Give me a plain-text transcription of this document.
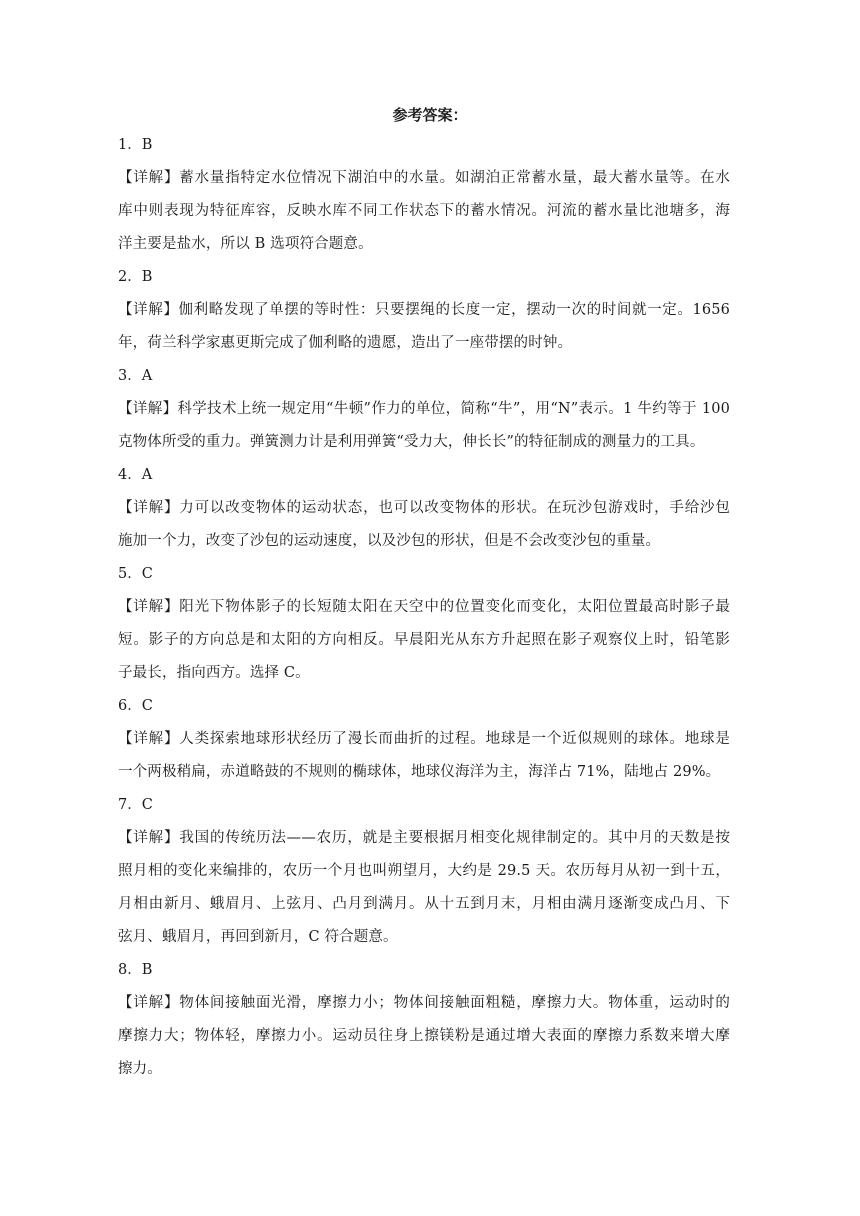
参考答案：
1．B
【详解】蓄水量指特定水位情况下湖泊中的水量。如湖泊正常蓄水量，最大蓄水量等。在水
库中则表现为特征库容，反映水库不同工作状态下的蓄水情况。河流的蓄水量比池塘多，海
洋主要是盐水，所以 B 选项符合题意。
2．B
【详解】伽利略发现了单摆的等时性：只要摆绳的长度一定，摆动一次的时间就一定。1656
年，荷兰科学家惠更斯完成了伽利略的遗愿，造出了一座带摆的时钟。
3．A
【详解】科学技术上统一规定用“牛顿”作力的单位，简称“牛”，用“N”表示。1 牛约等于 100
克物体所受的重力。弹簧测力计是利用弹簧“受力大，伸长长”的特征制成的测量力的工具。
4．A
【详解】力可以改变物体的运动状态，也可以改变物体的形状。在玩沙包游戏时，手给沙包
施加一个力，改变了沙包的运动速度，以及沙包的形状，但是不会改变沙包的重量。
5．C
【详解】阳光下物体影子的长短随太阳在天空中的位置变化而变化，太阳位置最高时影子最
短。影子的方向总是和太阳的方向相反。早晨阳光从东方升起照在影子观察仪上时，铅笔影
子最长，指向西方。选择 C。
6．C
【详解】人类探索地球形状经历了漫长而曲折的过程。地球是一个近似规则的球体。地球是
一个两极稍扁，赤道略鼓的不规则的椭球体，地球仪海洋为主，海洋占 71%，陆地占 29%。
7．C
【详解】我国的传统历法——农历，就是主要根据月相变化规律制定的。其中月的天数是按
照月相的变化来编排的，农历一个月也叫朔望月，大约是 29.5 天。农历每月从初一到十五，
月相由新月、蛾眉月、上弦月、凸月到满月。从十五到月末，月相由满月逐渐变成凸月、下
弦月、蛾眉月，再回到新月，C 符合题意。
8．B
【详解】物体间接触面光滑，摩擦力小；物体间接触面粗糙，摩擦力大。物体重，运动时的
摩擦力大；物体轻，摩擦力小。运动员往身上擦镁粉是通过增大表面的摩擦力系数来增大摩
擦力。
